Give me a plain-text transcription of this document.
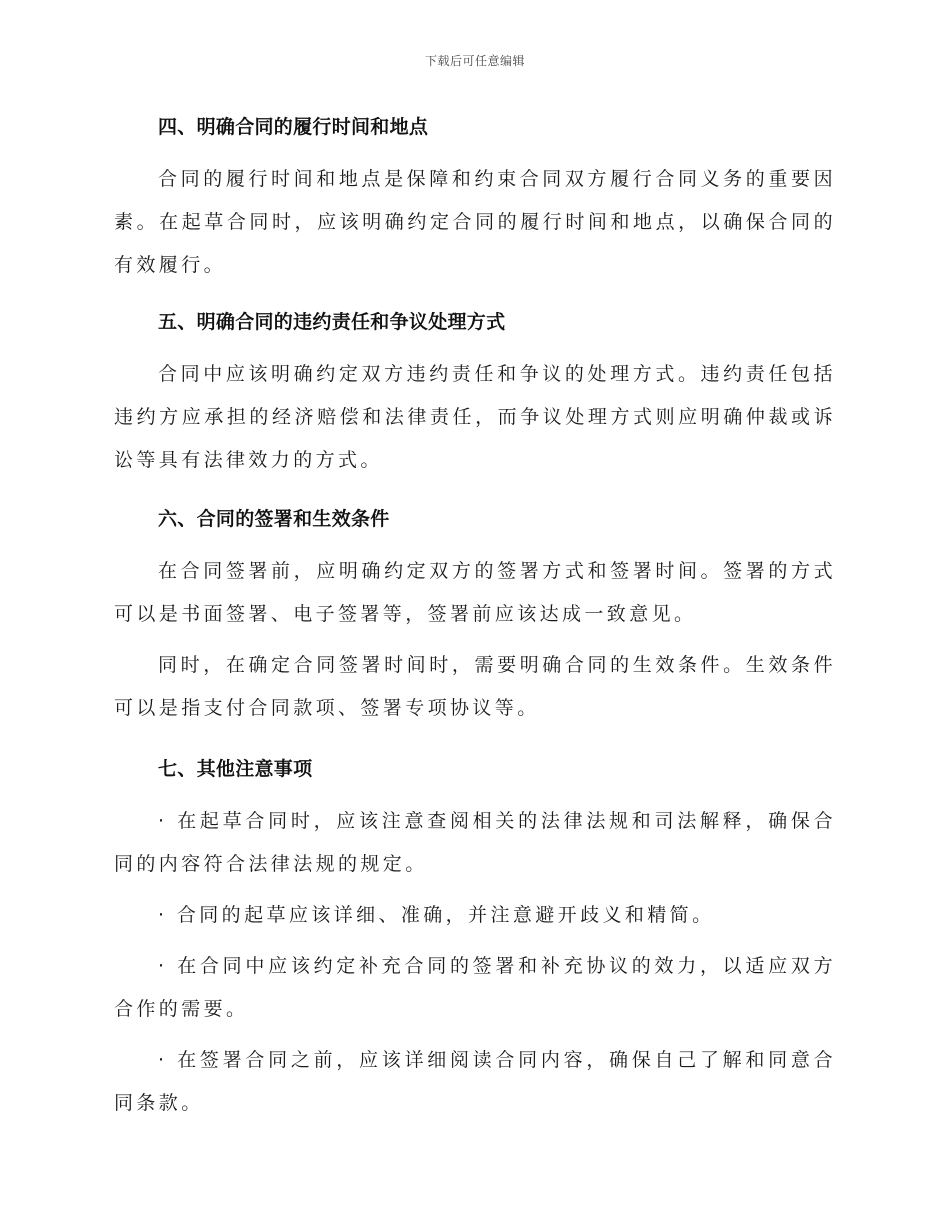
下载后可任意编辑
四、明确合同的履行时间和地点

合同的履行时间和地点是保障和约束合同双方履行合同义务的重要因素。在起草合同时，应该明确约定合同的履行时间和地点，以确保合同的有效履行。

五、明确合同的违约责任和争议处理方式

合同中应该明确约定双方违约责任和争议的处理方式。违约责任包括违约方应承担的经济赔偿和法律责任，而争议处理方式则应明确仲裁或诉讼等具有法律效力的方式。

六、合同的签署和生效条件

在合同签署前，应明确约定双方的签署方式和签署时间。签署的方式可以是书面签署、电子签署等，签署前应该达成一致意见。

同时，在确定合同签署时间时，需要明确合同的生效条件。生效条件可以是指支付合同款项、签署专项协议等。

七、其他注意事项

· 在起草合同时，应该注意查阅相关的法律法规和司法解释，确保合同的内容符合法律法规的规定。

· 合同的起草应该详细、准确，并注意避开歧义和精简。

· 在合同中应该约定补充合同的签署和补充协议的效力，以适应双方合作的需要。

· 在签署合同之前，应该详细阅读合同内容，确保自己了解和同意合同条款。
